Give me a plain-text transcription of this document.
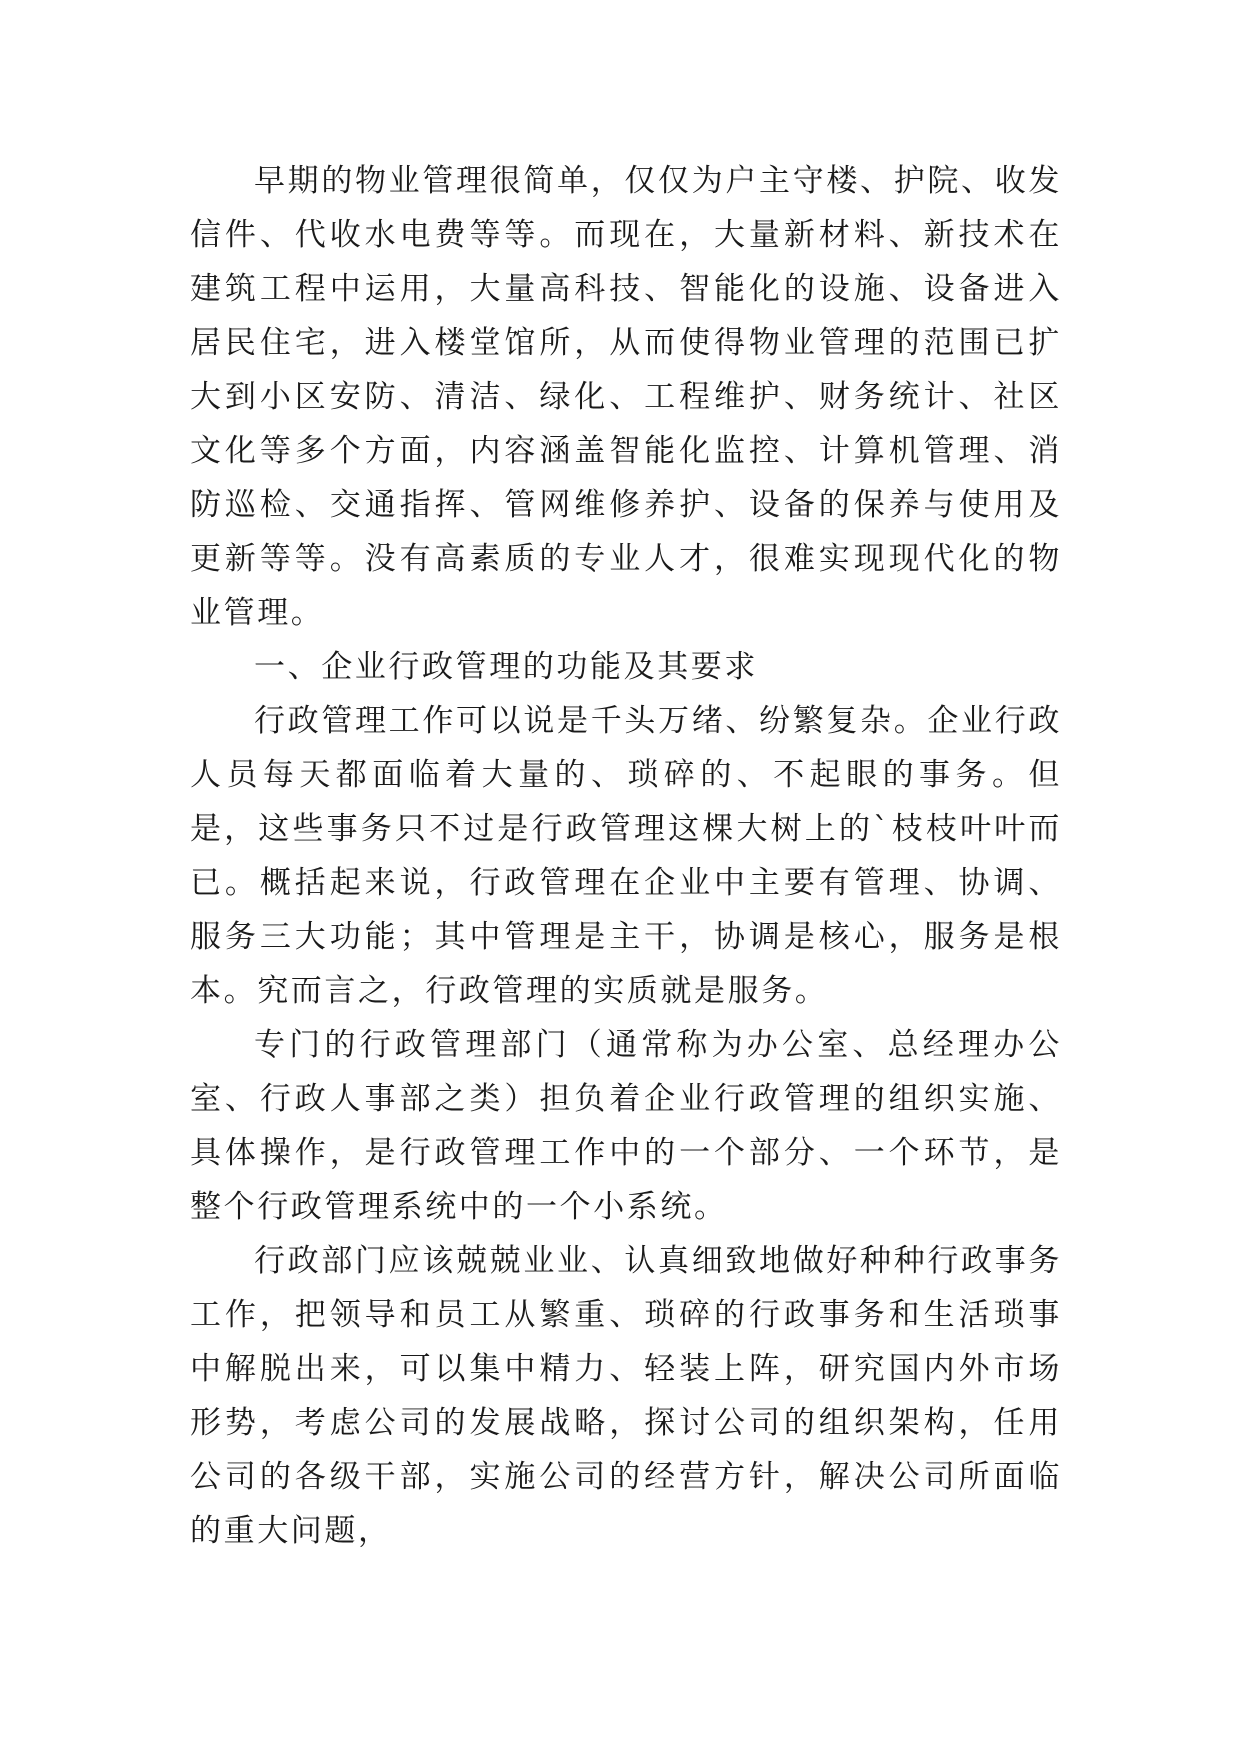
早期的物业管理很简单，仅仅为户主守楼、护院、收发信件、代收水电费等等。而现在，大量新材料、新技术在建筑工程中运用，大量高科技、智能化的设施、设备进入居民住宅，进入楼堂馆所，从而使得物业管理的范围已扩大到小区安防、清洁、绿化、工程维护、财务统计、社区文化等多个方面，内容涵盖智能化监控、计算机管理、消防巡检、交通指挥、管网维修养护、设备的保养与使用及更新等等。没有高素质的专业人才，很难实现现代化的物业管理。

一、企业行政管理的功能及其要求

行政管理工作可以说是千头万绪、纷繁复杂。企业行政人员每天都面临着大量的、琐碎的、不起眼的事务。但是，这些事务只不过是行政管理这棵大树上的`枝枝叶叶而已。概括起来说，行政管理在企业中主要有管理、协调、服务三大功能；其中管理是主干，协调是核心，服务是根本。究而言之，行政管理的实质就是服务。

专门的行政管理部门（通常称为办公室、总经理办公室、行政人事部之类）担负着企业行政管理的组织实施、具体操作，是行政管理工作中的一个部分、一个环节，是整个行政管理系统中的一个小系统。

行政部门应该兢兢业业、认真细致地做好种种行政事务工作，把领导和员工从繁重、琐碎的行政事务和生活琐事中解脱出来，可以集中精力、轻装上阵，研究国内外市场形势，考虑公司的发展战略，探讨公司的组织架构，任用公司的各级干部，实施公司的经营方针，解决公司所面临的重大问题，
